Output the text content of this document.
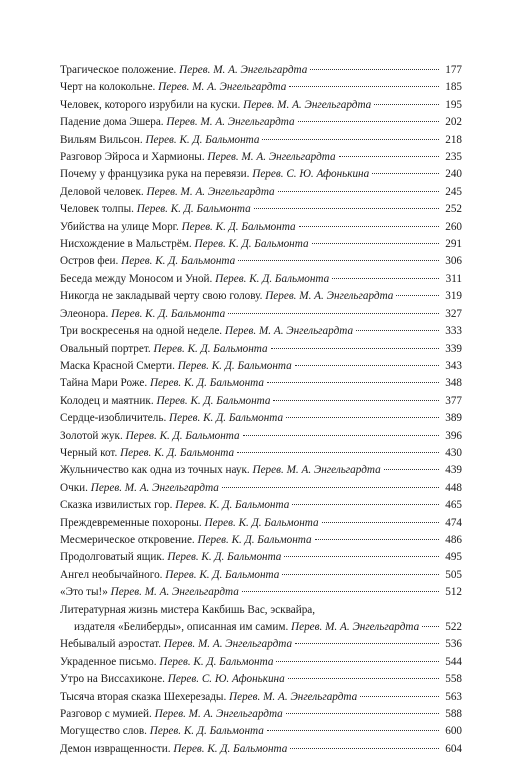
Трагическое положение. Перев. М. А. Энгельгардта	177
Черт на колокольне. Перев. М. А. Энгельгардта	185
Человек, которого изрубили на куски. Перев. М. А. Энгельгардта	195
Падение дома Эшера. Перев. М. А. Энгельгардта	202
Вильям Вильсон. Перев. К. Д. Бальмонта	218
Разговор Эйроса и Хармионы. Перев. М. А. Энгельгардта	235
Почему у французика рука на перевязи. Перев. С. Ю. Афонькина	240
Деловой человек. Перев. М. А. Энгельгардта	245
Человек толпы. Перев. К. Д. Бальмонта	252
Убийства на улице Морг. Перев. К. Д. Бальмонта	260
Нисхождение в Мальстрём. Перев. К. Д. Бальмонта	291
Остров феи. Перев. К. Д. Бальмонта	306
Беседа между Моносом и Уной. Перев. К. Д. Бальмонта	311
Никогда не закладывай черту свою голову. Перев. М. А. Энгельгардта	319
Элеонора. Перев. К. Д. Бальмонта	327
Три воскресенья на одной неделе. Перев. М. А. Энгельгардта	333
Овальный портрет. Перев. К. Д. Бальмонта	339
Маска Красной Смерти. Перев. К. Д. Бальмонта	343
Тайна Мари Роже. Перев. К. Д. Бальмонта	348
Колодец и маятник. Перев. К. Д. Бальмонта	377
Сердце-изобличитель. Перев. К. Д. Бальмонта	389
Золотой жук. Перев. К. Д. Бальмонта	396
Черный кот. Перев. К. Д. Бальмонта	430
Жульничество как одна из точных наук. Перев. М. А. Энгельгардта	439
Очки. Перев. М. А. Энгельгардта	448
Сказка извилистых гор. Перев. К. Д. Бальмонта	465
Преждевременные похороны. Перев. К. Д. Бальмонта	474
Месмерическое откровение. Перев. К. Д. Бальмонта	486
Продолговатый ящик. Перев. К. Д. Бальмонта	495
Ангел необычайного. Перев. К. Д. Бальмонта	505
«Это ты!» Перев. М. А. Энгельгардта	512
Литературная жизнь мистера Какбишь Вас, эсквайра,
издателя «Белиберды», описанная им самим. Перев. М. А. Энгельгардта 522
Небывалый аэростат. Перев. М. А. Энгельгардта	536
Украденное письмо. Перев. К. Д. Бальмонта	544
Утро на Виссахиконе. Перев. С. Ю. Афонькина	558
Тысяча вторая сказка Шехерезады. Перев. М. А. Энгельгардта	563
Разговор с мумией. Перев. М. А. Энгельгардта	588
Могущество слов. Перев. К. Д. Бальмонта	600
Демон извращенности. Перев. К. Д. Бальмонта	604
